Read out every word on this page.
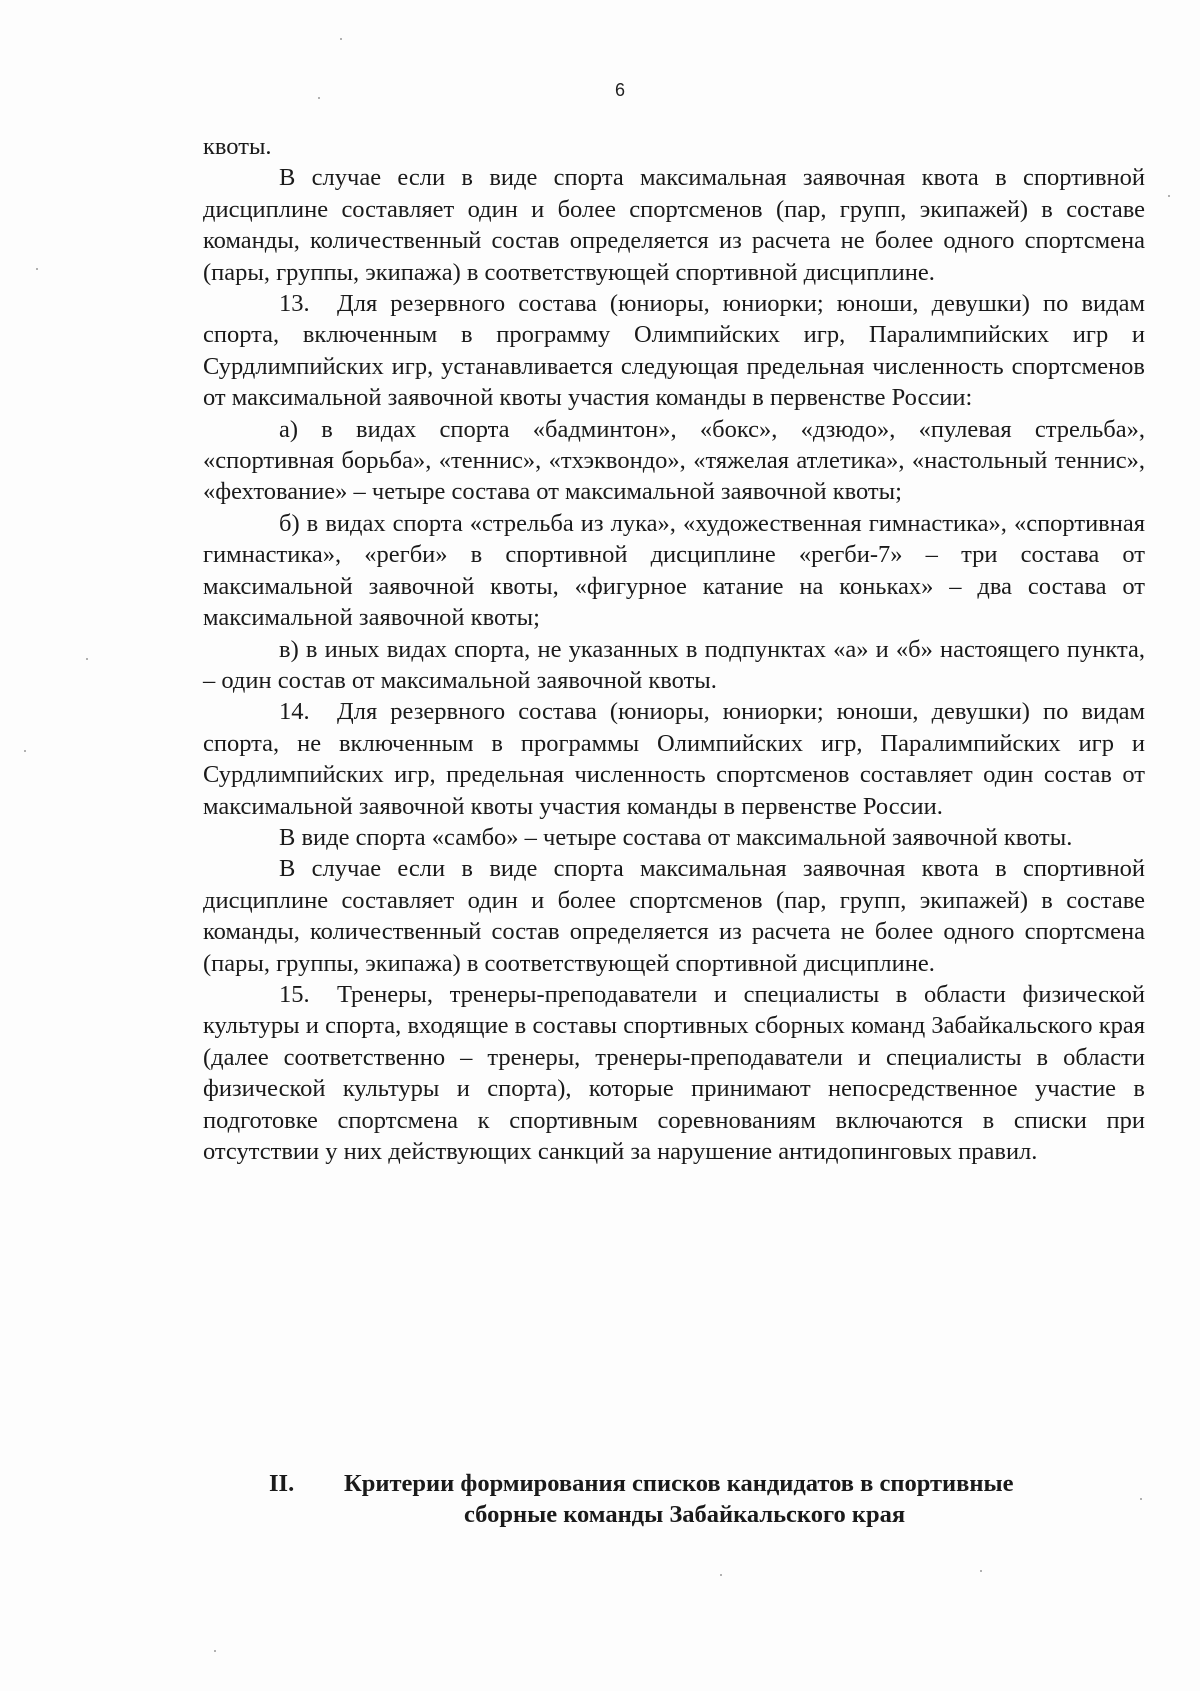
6

квоты.

В случае если в виде спорта максимальная заявочная квота в спортивной дисциплине составляет один и более спортсменов (пар, групп, экипажей) в составе команды, количественный состав определяется из расчета не более одного спортсмена (пары, группы, экипажа) в соответствующей спортивной дисциплине.

13. Для резервного состава (юниоры, юниорки; юноши, девушки) по видам спорта, включенным в программу Олимпийских игр, Паралимпийских игр и Сурдлимпийских игр, устанавливается следующая предельная численность спортсменов от максимальной заявочной квоты участия команды в первенстве России:

а) в видах спорта «бадминтон», «бокс», «дзюдо», «пулевая стрельба», «спортивная борьба», «теннис», «тхэквондо», «тяжелая атлетика», «настольный теннис», «фехтование» – четыре состава от максимальной заявочной квоты;

б) в видах спорта «стрельба из лука», «художественная гимнастика», «спортивная гимнастика», «регби» в спортивной дисциплине «регби-7» – три состава от максимальной заявочной квоты, «фигурное катание на коньках» – два состава от максимальной заявочной квоты;

в) в иных видах спорта, не указанных в подпунктах «а» и «б» настоящего пункта, – один состав от максимальной заявочной квоты.

14. Для резервного состава (юниоры, юниорки; юноши, девушки) по видам спорта, не включенным в программы Олимпийских игр, Паралимпийских игр и Сурдлимпийских игр, предельная численность спортсменов составляет один состав от максимальной заявочной квоты участия команды в первенстве России.

В виде спорта «самбо» – четыре состава от максимальной заявочной квоты.

В случае если в виде спорта максимальная заявочная квота в спортивной дисциплине составляет один и более спортсменов (пар, групп, экипажей) в составе команды, количественный состав определяется из расчета не более одного спортсмена (пары, группы, экипажа) в соответствующей спортивной дисциплине.

15. Тренеры, тренеры-преподаватели и специалисты в области физической культуры и спорта, входящие в составы спортивных сборных команд Забайкальского края (далее соответственно – тренеры, тренеры-преподаватели и специалисты в области физической культуры и спорта), которые принимают непосредственное участие в подготовке спортсмена к спортивным соревнованиям включаются в списки при отсутствии у них действующих санкций за нарушение антидопинговых правил.

II. Критерии формирования списков кандидатов в спортивные
сборные команды Забайкальского края
